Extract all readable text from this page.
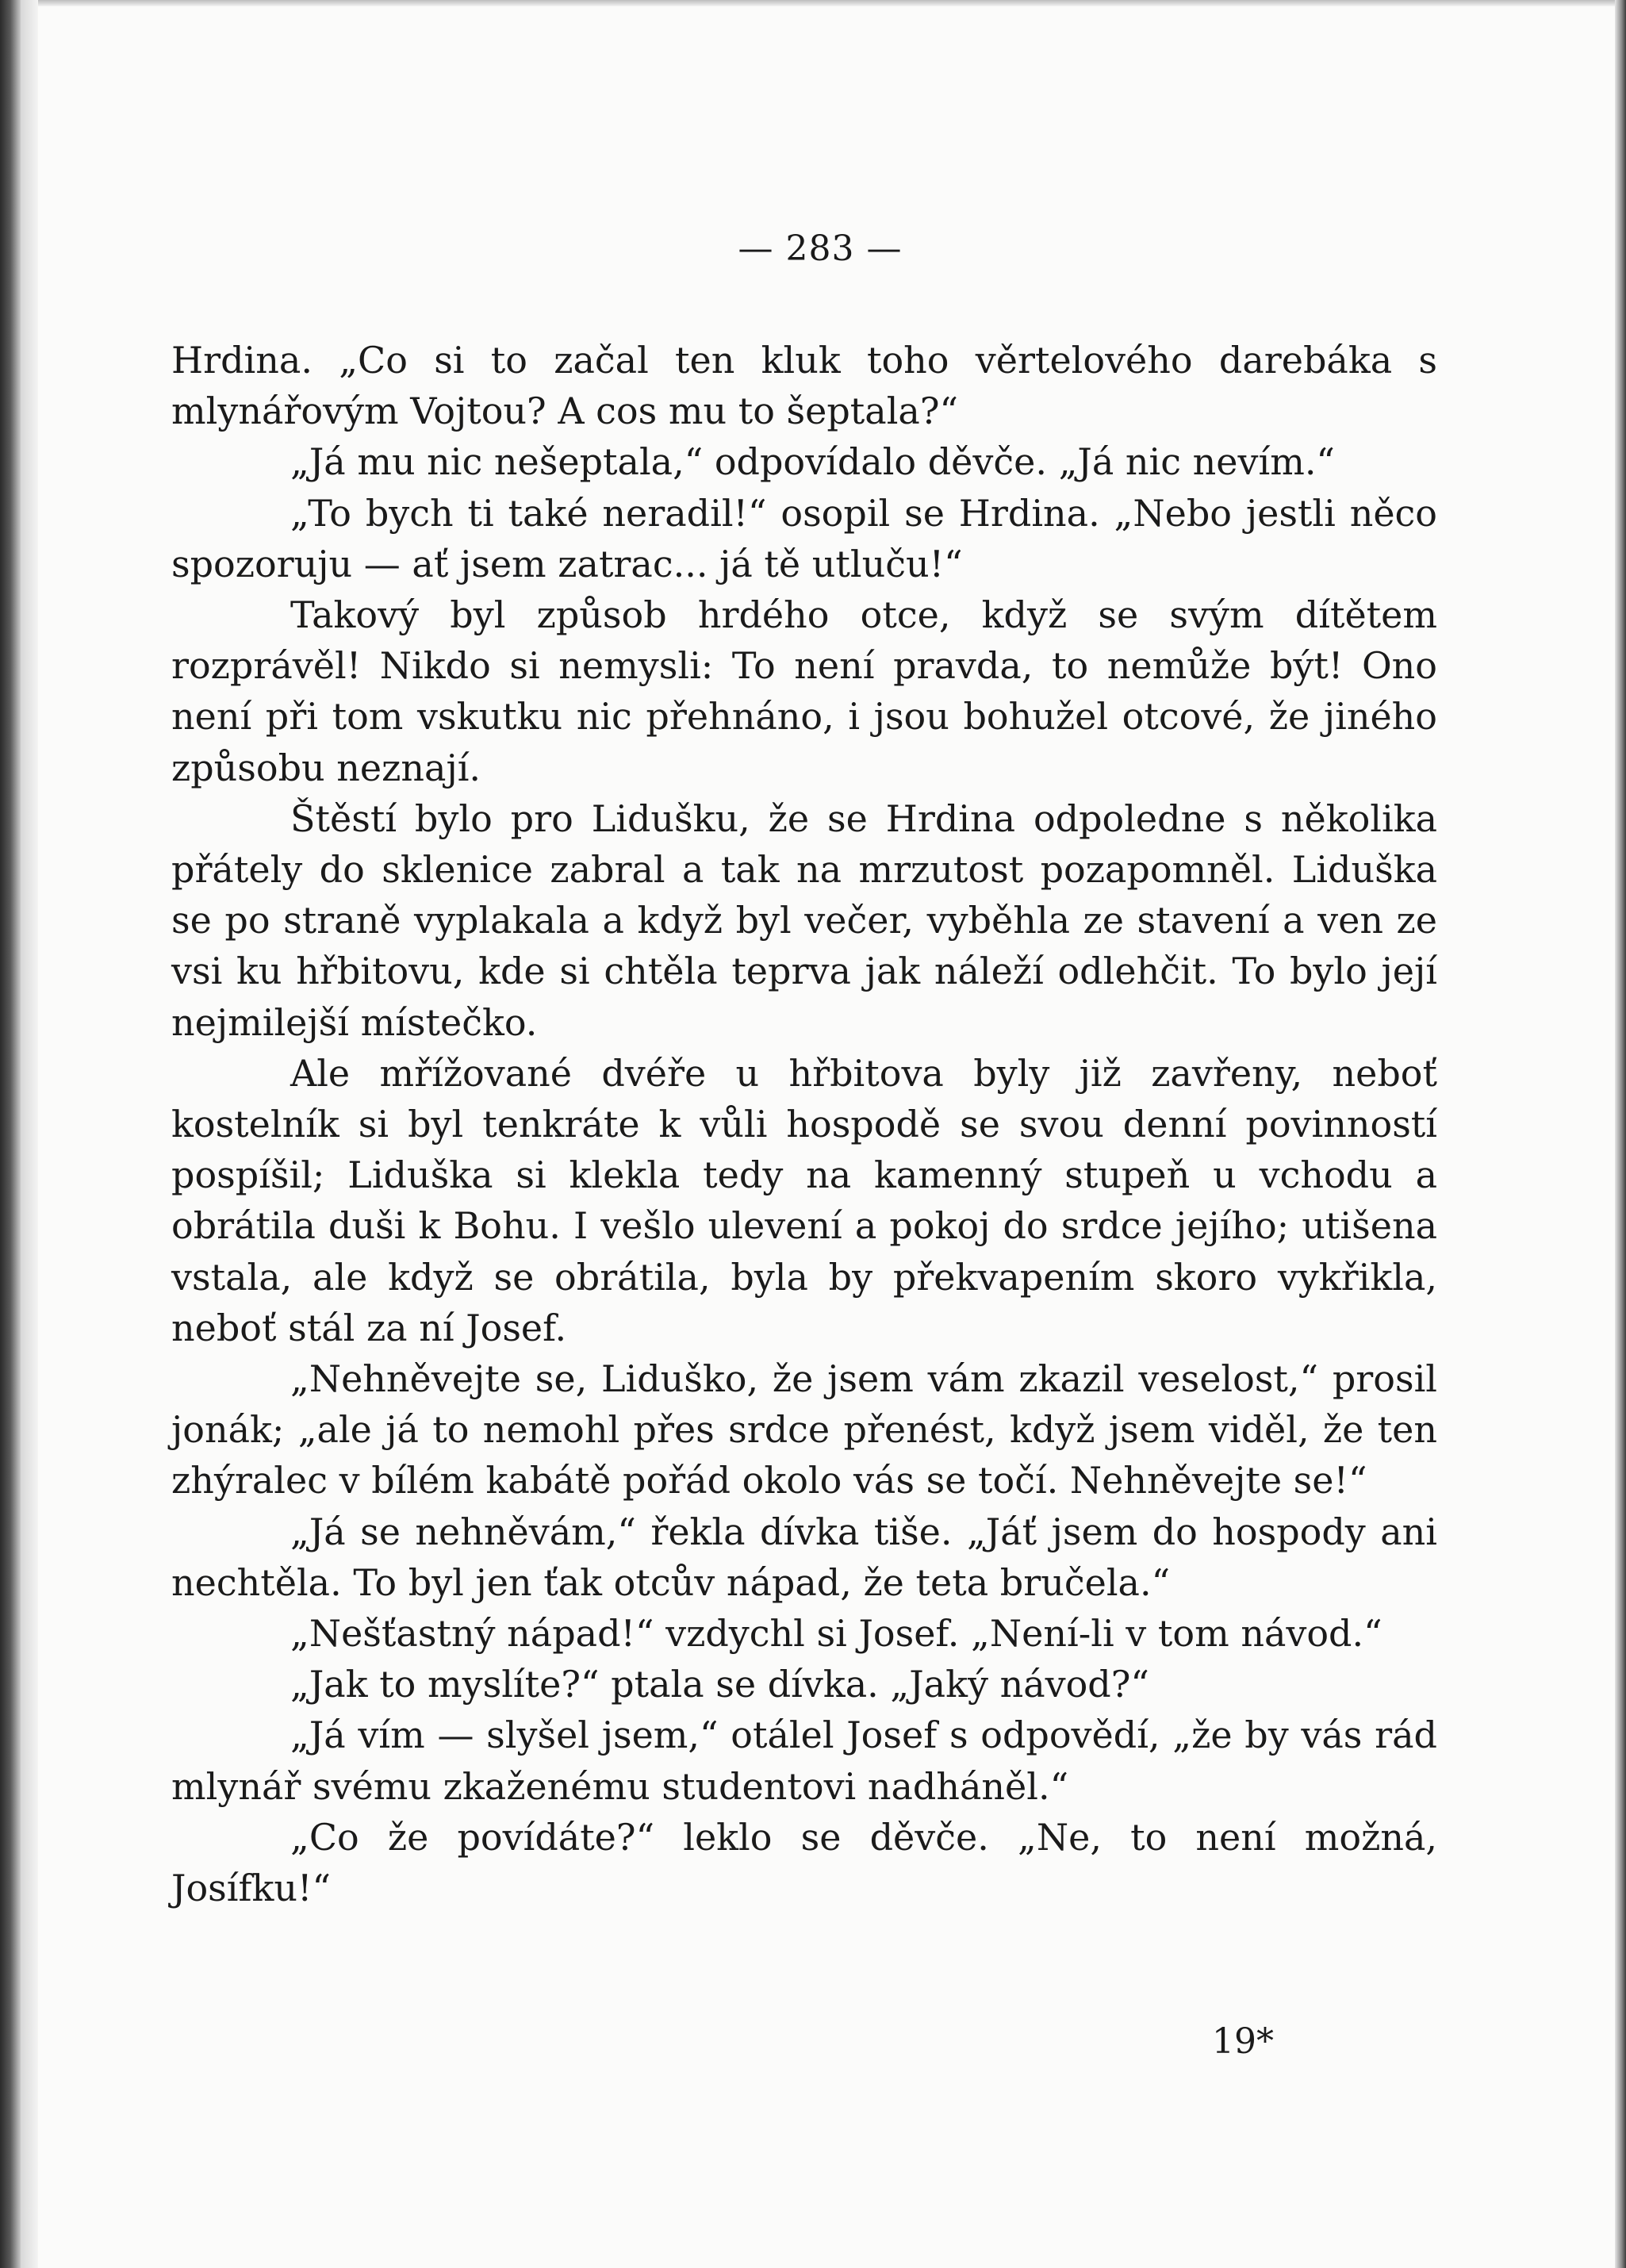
— 283 —

Hrdina. „Co si to začal ten kluk toho věrtelového darebáka s mlynářovým Vojtou? A cos mu to šeptala?“

„Já mu nic nešeptala,“ odpovídalo děvče. „Já nic nevím.“

„To bych ti také neradil!“ osopil se Hrdina. „Nebo jestli něco spozoruju — ať jsem zatrac... já tě utluču!“

Takový byl způsob hrdého otce, když se svým dítětem rozprávěl! Nikdo si nemysli: To není pravda, to nemůže být! Ono není při tom vskutku nic přehnáno, i jsou bohužel otcové, že jiného způsobu neznají.

Štěstí bylo pro Lidušku, že se Hrdina odpoledne s několika přátely do sklenice zabral a tak na mrzutost pozapomněl. Liduška se po straně vyplakala a když byl večer, vyběhla ze stavení a ven ze vsi ku hřbitovu, kde si chtěla teprva jak náleží odlehčit. To bylo její nejmilejší místečko.

Ale mřížované dvéře u hřbitova byly již zavřeny, neboť kostelník si byl tenkráte k vůli hospodě se svou denní povinností pospíšil; Liduška si klekla tedy na kamenný stupeň u vchodu a obrátila duši k Bohu. I vešlo ulevení a pokoj do srdce jejího; utišena vstala, ale když se obrátila, byla by překvapením skoro vykřikla, neboť stál za ní Josef.

„Nehněvejte se, Liduško, že jsem vám zkazil veselost,“ prosil jonák; „ale já to nemohl přes srdce přenést, když jsem viděl, že ten zhýralec v bílém kabátě pořád okolo vás se točí. Nehněvejte se!“

„Já se nehněvám,“ řekla dívka tiše. „Jáť jsem do hospody ani nechtěla. To byl jen ťak otcův nápad, že teta bručela.“

„Nešťastný nápad!“ vzdychl si Josef. „Není-li v tom návod.“

„Jak to myslíte?“ ptala se dívka. „Jaký návod?“

„Já vím — slyšel jsem,“ otálel Josef s odpovědí, „že by vás rád mlynář svému zkaženému studentovi nadháněl.“

„Co že povídáte?“ leklo se děvče. „Ne, to není možná, Josífku!“

19*
